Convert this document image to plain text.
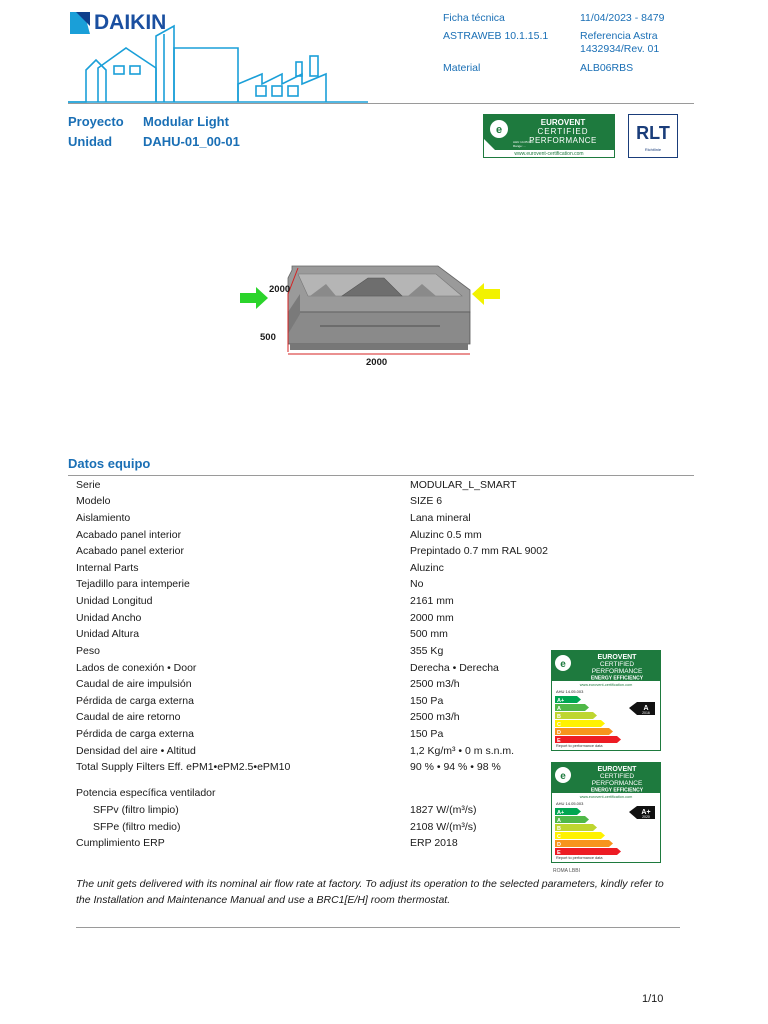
DAIKIN	Ficha técnica	11/04/2023 - 8479
ASTRAWEB 10.1.15.1	Referencia Astra
1432934/Rev. 01
Material	ALB06RBS
Proyecto Modular Light
Unidad DAHU-01_00-01
e
EUROVENT
CERTIFIED
PERFORMANCE
AHU 14.05.003
Range: ...
www.eurovent-certification.com
RLT
Richtlinie
2000
500
2000
Datos equipo
Serie	MODULAR_L_SMART
Modelo	SIZE 6
Aislamiento	Lana mineral
Acabado panel interior	Aluzinc 0.5 mm
Acabado panel exterior	Prepintado 0.7 mm RAL 9002
Internal Parts	Aluzinc
Tejadillo para intemperie	No
Unidad Longitud	2161 mm
Unidad Ancho	2000 mm
Unidad Altura	500 mm
Peso	355 Kg
Lados de conexión • Door	Derecha • Derecha
Caudal de aire impulsión	2500 m3/h
Pérdida de carga externa	150 Pa
Caudal de aire retorno	2500 m3/h
Pérdida de carga externa	150 Pa
Densidad del aire • Altitud	1,2 Kg/m³ • 0 m s.n.m.
Total Supply Filters Eff. ePM1•ePM2.5•ePM10	90 % • 94 % • 98 %
Potencia específica ventilador
SFPv (filtro limpio)	1827 W/(m³/s)
SFPe (filtro medio)	2108 W/(m³/s)
Cumplimiento ERP	ERP 2018
e
EUROVENT
CERTIFIED
PERFORMANCE
ENERGY EFFICIENCY
www.eurovent-certification.com
AHU 14.05.003
A+
A
B
C
D
E
A
2016
Report to performance data
e
EUROVENT
CERTIFIED
PERFORMANCE
ENERGY EFFICIENCY
www.eurovent-certification.com
AHU 14.05.003
A+
A
B
C
D
E
A+
2020
Report to performance data
ROMA LBBI
The unit gets delivered with its nominal air flow rate at factory. To adjust its operation to the selected parameters, kindly refer to the Installation and Maintenance Manual and use a BRC1[E/H] room thermostat.
1/10
